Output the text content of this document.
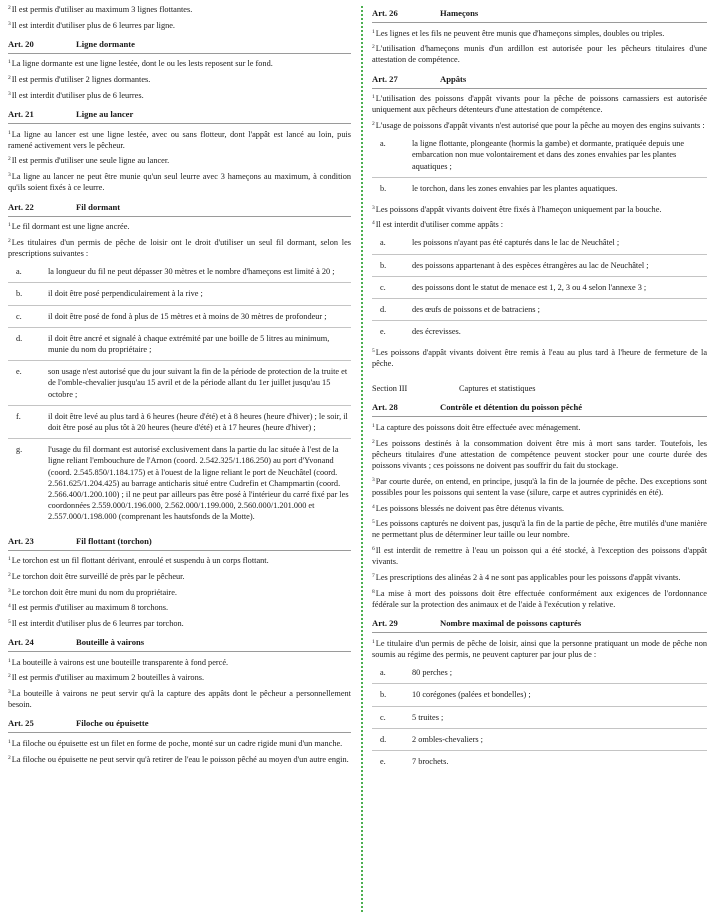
$^2$Il est permis d'utiliser au maximum 3 lignes flottantes.

$^3$Il est interdit d'utiliser plus de 6 leurres par ligne.

Art. 20	Ligne dormante

$^1$La ligne dormante est une ligne lestée, dont le ou les lests reposent sur le fond.

$^2$Il est permis d'utiliser 2 lignes dormantes.

$^3$Il est interdit d'utiliser plus de 6 leurres.

Art. 21	Ligne au lancer

$^1$La ligne au lancer est une ligne lestée, avec ou sans flotteur, dont l'appât est lancé au loin, puis ramené activement vers le pêcheur.

$^2$Il est permis d'utiliser une seule ligne au lancer.

$^3$La ligne au lancer ne peut être munie qu'un seul leurre avec 3 hameçons au maximum, à condition qu'ils soient fixés à ce leurre.

Art. 22	Fil dormant

$^1$Le fil dormant est une ligne ancrée.

$^2$Les titulaires d'un permis de pêche de loisir ont le droit d'utiliser un seul fil dormant, selon les prescriptions suivantes :

a.	la longueur du fil ne peut dépasser 30 mètres et le nombre d'hameçons est limité à 20 ;
b.	il doit être posé perpendiculairement à la rive ;
c.	il doit être posé de fond à plus de 15 mètres et à moins de 30 mètres de profondeur ;
d.	il doit être ancré et signalé à chaque extrémité par une boille de 5 litres au minimum, munie du nom du propriétaire ;
e.	son usage n'est autorisé que du jour suivant la fin de la période de protection de la truite et de l'omble-chevalier jusqu'au 15 avril et de la période allant du 1er juillet jusqu'au 15 octobre ;
f.	il doit être levé au plus tard à 6 heures (heure d'été) et à 8 heures (heure d'hiver) ; le soir, il doit être posé au plus tôt à 20 heures (heure d'été) et à 17 heures (heure d'hiver) ;
g.	l'usage du fil dormant est autorisé exclusivement dans la partie du lac située à l'est de la ligne reliant l'embouchure de l'Arnon (coord. 2.542.325/1.186.250) au port d'Yvonand (coord. 2.545.850/1.184.175) et à l'ouest de la ligne reliant le port de Neuchâtel (coord. 2.561.625/1.204.425) au barrage anticharis situé entre Cudrefin et Champmartin (coord. 2.566.400/1.200.100) ; il ne peut par ailleurs pas être posé à l'intérieur du carré fixé par les coordonnées 2.559.000/1.196.000, 2.562.000/1.199.000, 2.560.000/1.201.000 et 2.557.000/1.198.000 (comprenant les hautsfonds de la Motte).
Art. 23	Fil flottant (torchon)

$^1$Le torchon est un fil flottant dérivant, enroulé et suspendu à un corps flottant.

$^2$Le torchon doit être surveillé de près par le pêcheur.

$^3$Le torchon doit être muni du nom du propriétaire.

$^4$Il est permis d'utiliser au maximum 8 torchons.

$^5$Il est interdit d'utiliser plus de 6 leurres par torchon.

Art. 24	Bouteille à vairons

$^1$La bouteille à vairons est une bouteille transparente à fond percé.

$^2$Il est permis d'utiliser au maximum 2 bouteilles à vairons.

$^3$La bouteille à vairons ne peut servir qu'à la capture des appâts dont le pêcheur a personnellement besoin.

Art. 25	Filoche ou épuisette

$^1$La filoche ou épuisette est un filet en forme de poche, monté sur un cadre rigide muni d'un manche.

$^2$La filoche ou épuisette ne peut servir qu'à retirer de l'eau le poisson pêché au moyen d'un autre engin.

Art. 26	Hameçons

$^1$Les lignes et les fils ne peuvent être munis que d'hameçons simples, doubles ou triples.

$^2$L'utilisation d'hameçons munis d'un ardillon est autorisée pour les pêcheurs titulaires d'une attestation de compétence.

Art. 27	Appâts

$^1$L'utilisation des poissons d'appât vivants pour la pêche de poissons carnassiers est autorisée uniquement aux pêcheurs détenteurs d'une attestation de compétence.

$^2$L'usage de poissons d'appât vivants n'est autorisé que pour la pêche au moyen des engins suivants :

a.	la ligne flottante, plongeante (hormis la gambe) et dormante, pratiquée depuis une embarcation non mue volontairement et dans des zones envahies par les plantes aquatiques ;
b.	le torchon, dans les zones envahies par les plantes aquatiques.

$^3$Les poissons d'appât vivants doivent être fixés à l'hameçon uniquement par la bouche.

$^4$Il est interdit d'utiliser comme appâts :

a.	les poissons n'ayant pas été capturés dans le lac de Neuchâtel ;
b.	des poissons appartenant à des espèces étrangères au lac de Neuchâtel ;
c.	des poissons dont le statut de menace est 1, 2, 3 ou 4 selon l'annexe 3 ;
d.	des œufs de poissons et de batraciens ;
e.	des écrevisses.

$^5$Les poissons d'appât vivants doivent être remis à l'eau au plus tard à l'heure de fermeture de la pêche.

Section III	Captures et statistiques
Art. 28	Contrôle et détention du poisson pêché

$^1$La capture des poissons doit être effectuée avec ménagement.

$^2$Les poissons destinés à la consommation doivent être mis à mort sans tarder. Toutefois, les pêcheurs titulaires d'une attestation de compétence peuvent stocker pour une courte durée des poissons vivants ; ces poissons ne doivent pas souffrir du fait du stockage.

$^3$Par courte durée, on entend, en principe, jusqu'à la fin de la journée de pêche. Des exceptions sont possibles pour les poissons qui sentent la vase (silure, carpe et autres cyprinidés en été).

$^4$Les poissons blessés ne doivent pas être détenus vivants.

$^5$Les poissons capturés ne doivent pas, jusqu'à la fin de la partie de pêche, être mutilés d'une manière ne permettant plus de déterminer leur taille ou leur nombre.

$^6$Il est interdit de remettre à l'eau un poisson qui a été stocké, à l'exception des poissons d'appât vivants.

$^7$Les prescriptions des alinéas 2 à 4 ne sont pas applicables pour les poissons d'appât vivants.

$^8$La mise à mort des poissons doit être effectuée conformément aux exigences de l'ordonnance fédérale sur la protection des animaux et de l'aide à l'exécution y relative.

Art. 29	Nombre maximal de poissons capturés

$^1$Le titulaire d'un permis de pêche de loisir, ainsi que la personne pratiquant un mode de pêche non soumis au régime des permis, ne peuvent capturer par jour plus de :

a.	80 perches ;
b.	10 corégones (palées et bondelles) ;
c.	5 truites ;
d.	2 ombles-chevaliers ;
e.	7 brochets.
